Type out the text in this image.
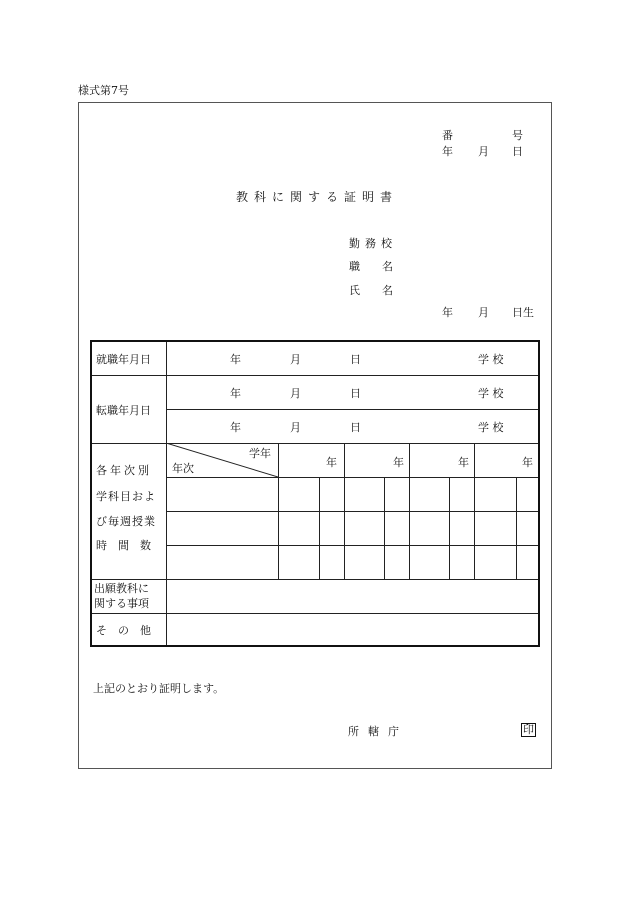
様式第7号
番	号
年 月 日
教科に関する証明書
勤務校
職　　名
氏　　名
年 月 日生
就職年月日	年	月	日	学 校
転職年月日
年	月	日	学 校
年	月	日	学 校
各年次別
学科目およ
び毎週授業
時　間　数
学年
年次	年	年	年	年
出願教科に
関する事項
そ　の　他
上記のとおり証明します。
所轄庁	印
